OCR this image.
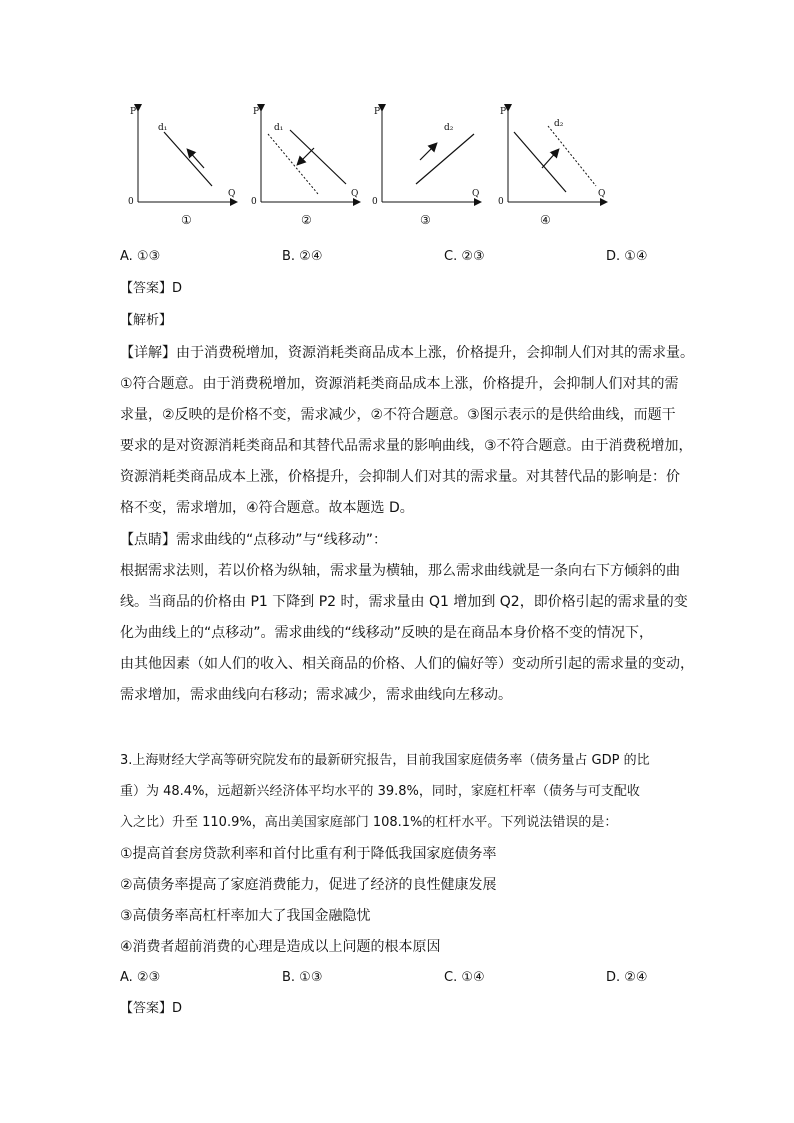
P
Q
0
d₁
①
P
Q
0
d₁
②
P
Q
0
d₂
③
P
Q
0
d₂
④
A. ①③	B. ②④	C. ②③	D. ①④
【答案】D
【解析】
【详解】由于消费税增加，资源消耗类商品成本上涨，价格提升，会抑制人们对其的需求量。
①符合题意。由于消费税增加，资源消耗类商品成本上涨，价格提升，会抑制人们对其的需
求量，②反映的是价格不变，需求减少，②不符合题意。③图示表示的是供给曲线，而题干
要求的是对资源消耗类商品和其替代品需求量的影响曲线，③不符合题意。由于消费税增加，
资源消耗类商品成本上涨，价格提升，会抑制人们对其的需求量。对其替代品的影响是：价
格不变，需求增加，④符合题意。故本题选 D。
【点睛】需求曲线的“点移动”与“线移动”：
根据需求法则，若以价格为纵轴，需求量为横轴，那么需求曲线就是一条向右下方倾斜的曲
线。当商品的价格由 P1 下降到 P2 时，需求量由 Q1 增加到 Q2，即价格引起的需求量的变
化为曲线上的“点移动”。需求曲线的“线移动”反映的是在商品本身价格不变的情况下，
由其他因素（如人们的收入、相关商品的价格、人们的偏好等）变动所引起的需求量的变动，
需求增加，需求曲线向右移动；需求减少，需求曲线向左移动。
3.上海财经大学高等研究院发布的最新研究报告，目前我国家庭债务率（债务量占 GDP 的比
重）为 48.4%，远超新兴经济体平均水平的 39.8%，同时，家庭杠杆率（债务与可支配收
入之比）升至 110.9%，高出美国家庭部门 108.1%的杠杆水平。下列说法错误的是：
①提高首套房贷款利率和首付比重有利于降低我国家庭债务率
②高债务率提高了家庭消费能力，促进了经济的良性健康发展
③高债务率高杠杆率加大了我国金融隐忧
④消费者超前消费的心理是造成以上问题的根本原因
A. ②③	B. ①③	C. ①④	D. ②④
【答案】D
